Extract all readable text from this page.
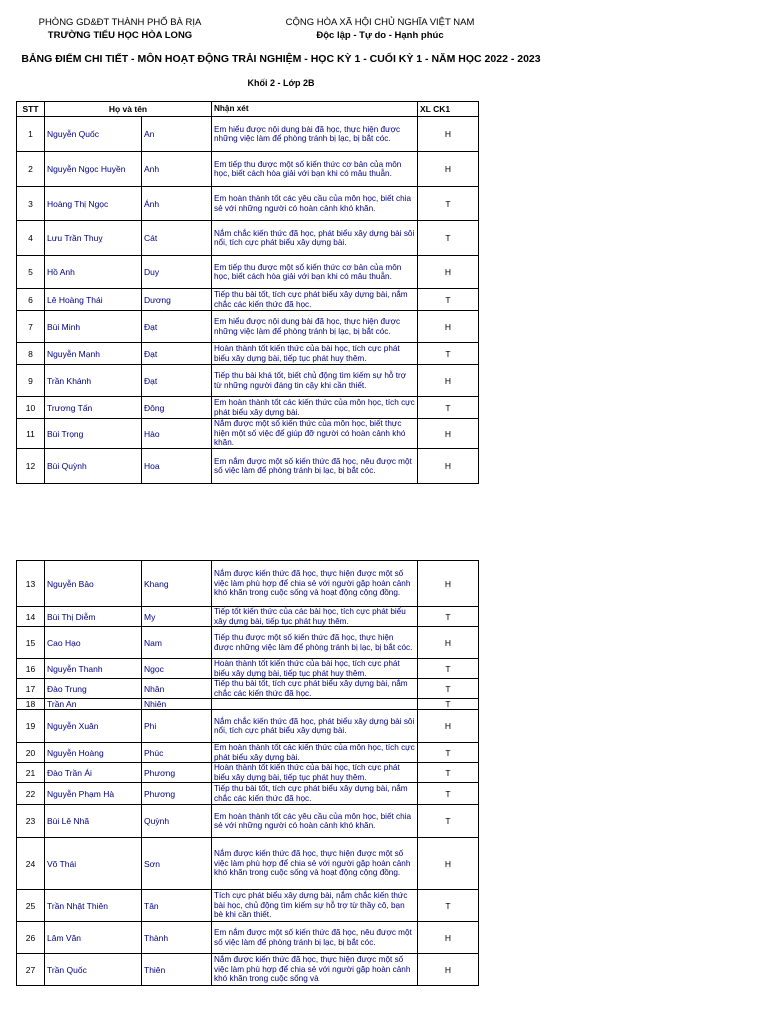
PHÒNG GD&ĐT THÀNH PHỐ BÀ RỊA
TRƯỜNG TIỂU HỌC HÒA LONG
CỘNG HÒA XÃ HỘI CHỦ NGHĨA VIỆT NAM
Độc lập - Tự do - Hạnh phúc
BẢNG ĐIỂM CHI TIẾT - MÔN HOẠT ĐỘNG TRẢI NGHIỆM - HỌC KỲ 1 - CUỐI KỲ 1 - NĂM HỌC 2022 - 2023
Khối 2 - Lớp 2B
STT	Họ và tên		Nhận xét	XL CK1
1	Nguyễn Quốc	An	Em hiểu được nội dung bài đã học, thực hiện được những việc làm để phòng tránh bị lạc, bị bắt cóc.	H
2	Nguyễn Ngọc Huyền	Anh	Em tiếp thu được một số kiến thức cơ bản của môn học, biết cách hòa giải với bạn khi có mâu thuẫn.	H
3	Hoàng Thị Ngọc	Ánh	Em hoàn thành tốt các yêu cầu của môn học, biết chia sẻ với những người có hoàn cảnh khó khăn.	T
4	Lưu Trần Thuỵ	Cát	Nắm chắc kiến thức đã học, phát biểu xây dựng bài sôi nổi, tích cực phát biểu xây dựng bài.	T
5	Hồ Anh	Duy	Em tiếp thu được một số kiến thức cơ bản của môn học, biết cách hòa giải với bạn khi có mâu thuẫn.	H
6	Lê Hoàng Thái	Dương	Tiếp thu bài tốt, tích cực phát biểu xây dựng bài, nắm chắc các kiến thức đã học.	T
7	Bùi Minh	Đạt	Em hiểu được nội dung bài đã học, thực hiện được những việc làm để phòng tránh bị lạc, bị bắt cóc.	H
8	Nguyễn Mạnh	Đạt	Hoàn thành tốt kiến thức của bài học, tích cực phát biểu xây dựng bài, tiếp tục phát huy thêm.	T
9	Trần Khánh	Đạt	Tiếp thu bài khá tốt, biết chủ động tìm kiếm sự hỗ trợ từ những người đáng tin cậy khi cần thiết.	H
10	Trương Tấn	Đông	Em hoàn thành tốt các kiến thức của môn học, tích cực phát biểu xây dựng bài.	T
11	Bùi Trọng	Hào	Nắm được một số kiến thức của môn học, biết thực hiện một số việc để giúp đỡ người có hoàn cảnh khó khăn.	H
12	Bùi Quỳnh	Hoa	Em nắm được một số kiến thức đã học, nêu được một số việc làm để phòng tránh bị lạc, bị bắt cóc.	H
13	Nguyễn Bảo	Khang	Nắm được kiến thức đã học, thực hiện được một số việc làm phù hợp để chia sẻ với người gặp hoàn cảnh khó khăn trong cuộc sống và hoạt động cộng đồng.	H
14	Bùi Thị Diễm	My	Tiếp tốt kiến thức của các bài học, tích cực phát biểu xây dựng bài, tiếp tục phát huy thêm.	T
15	Cao Hạo	Nam	Tiếp thu được một số kiến thức đã học, thực hiện được những việc làm để phòng tránh bị lạc, bị bắt cóc.	H
16	Nguyễn Thanh	Ngọc	Hoàn thành tốt kiến thức của bài học, tích cực phát biểu xây dựng bài, tiếp tục phát huy thêm.	T
17	Đào Trung	Nhân	Tiếp thu bài tốt, tích cực phát biểu xây dựng bài, nắm chắc các kiến thức đã học.	T
18	Trần An	Nhiên		T
19	Nguyễn Xuân	Phi	Nắm chắc kiến thức đã học, phát biểu xây dựng bài sôi nổi, tích cực phát biểu xây dựng bài.	H
20	Nguyễn Hoàng	Phúc	Em hoàn thành tốt các kiến thức của môn học, tích cực phát biểu xây dựng bài.	T
21	Đào Trần Ái	Phương	Hoàn thành tốt kiến thức của bài học, tích cực phát biểu xây dựng bài, tiếp tục phát huy thêm.	T
22	Nguyễn Phạm Hà	Phương	Tiếp thu bài tốt, tích cực phát biểu xây dựng bài, nắm chắc các kiến thức đã học.	T
23	Bùi Lê Nhã	Quỳnh	Em hoàn thành tốt các yêu cầu của môn học, biết chia sẻ với những người có hoàn cảnh khó khăn.	T
24	Võ Thái	Sơn	Nắm được kiến thức đã học, thực hiện được một số việc làm phù hợp để chia sẻ với người gặp hoàn cảnh khó khăn trong cuộc sống và hoạt động cộng đồng.	H
25	Trần Nhật Thiên	Tân	Tích cực phát biểu xây dựng bài, nắm chắc kiến thức bài học, chủ động tìm kiếm sự hỗ trợ từ thầy cô, bạn bè khi cần thiết.	T
26	Lâm Văn	Thành	Em nắm được một số kiến thức đã học, nêu được một số việc làm để phòng tránh bị lạc, bị bắt cóc.	H
27	Trần Quốc	Thiên	Nắm được kiến thức đã học, thực hiện được một số việc làm phù hợp để chia sẻ với người gặp hoàn cảnh khó khăn trong cuộc sống và	H
